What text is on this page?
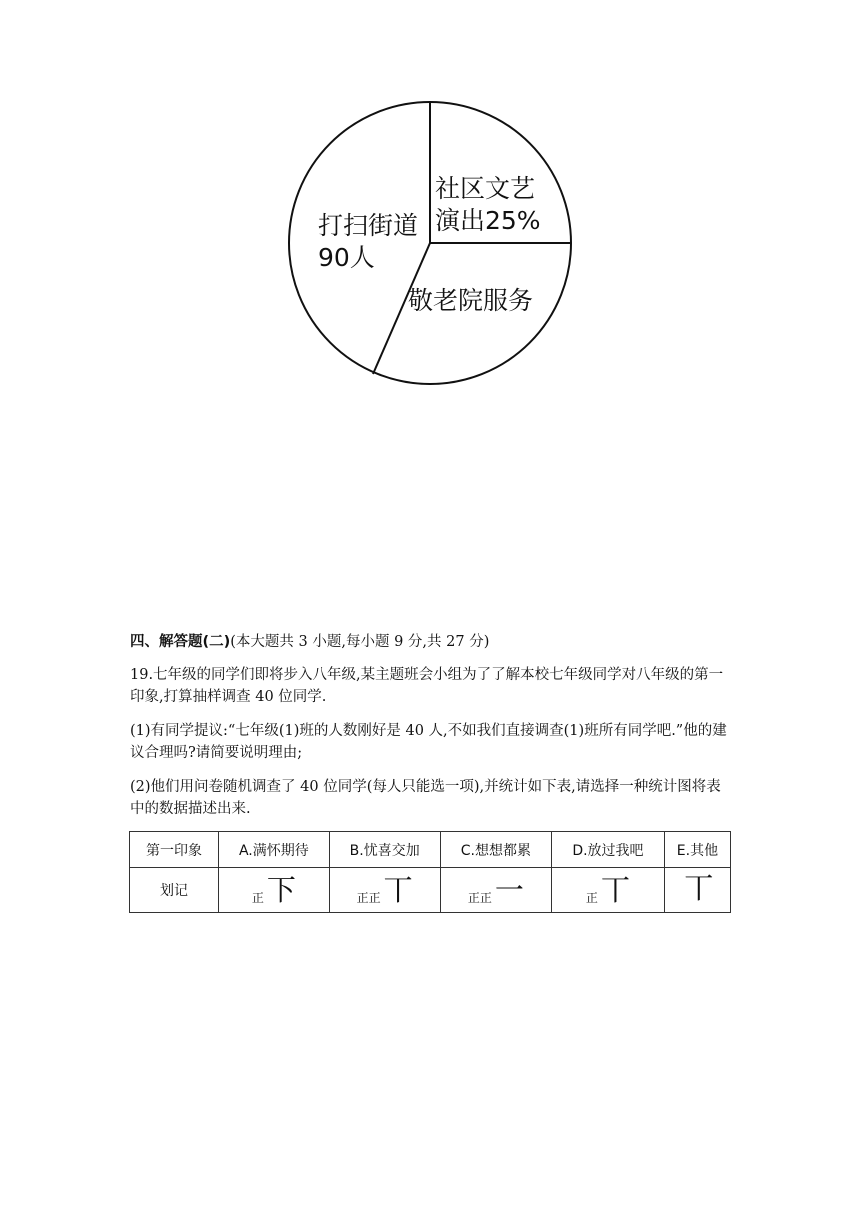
社区文艺
演出25%
敬老院服务
打扫街道
90人
四、解答题(二)(本大题共 3 小题,每小题 9 分,共 27 分)
19.七年级的同学们即将步入八年级,某主题班会小组为了了解本校七年级同学对八年级的第一印象,打算抽样调查 40 位同学.
(1)有同学提议:“七年级(1)班的人数刚好是 40 人,不如我们直接调查(1)班所有同学吧.”他的建议合理吗?请简要说明理由;
(2)他们用问卷随机调查了 40 位同学(每人只能选一项),并统计如下表,请选择一种统计图将表中的数据描述出来.
第一印象	A.满怀期待	B.忧喜交加	C.想想都累	D.放过我吧	E.其他
划记	正 下	正正 丅	正正 一	正 丅	丅
